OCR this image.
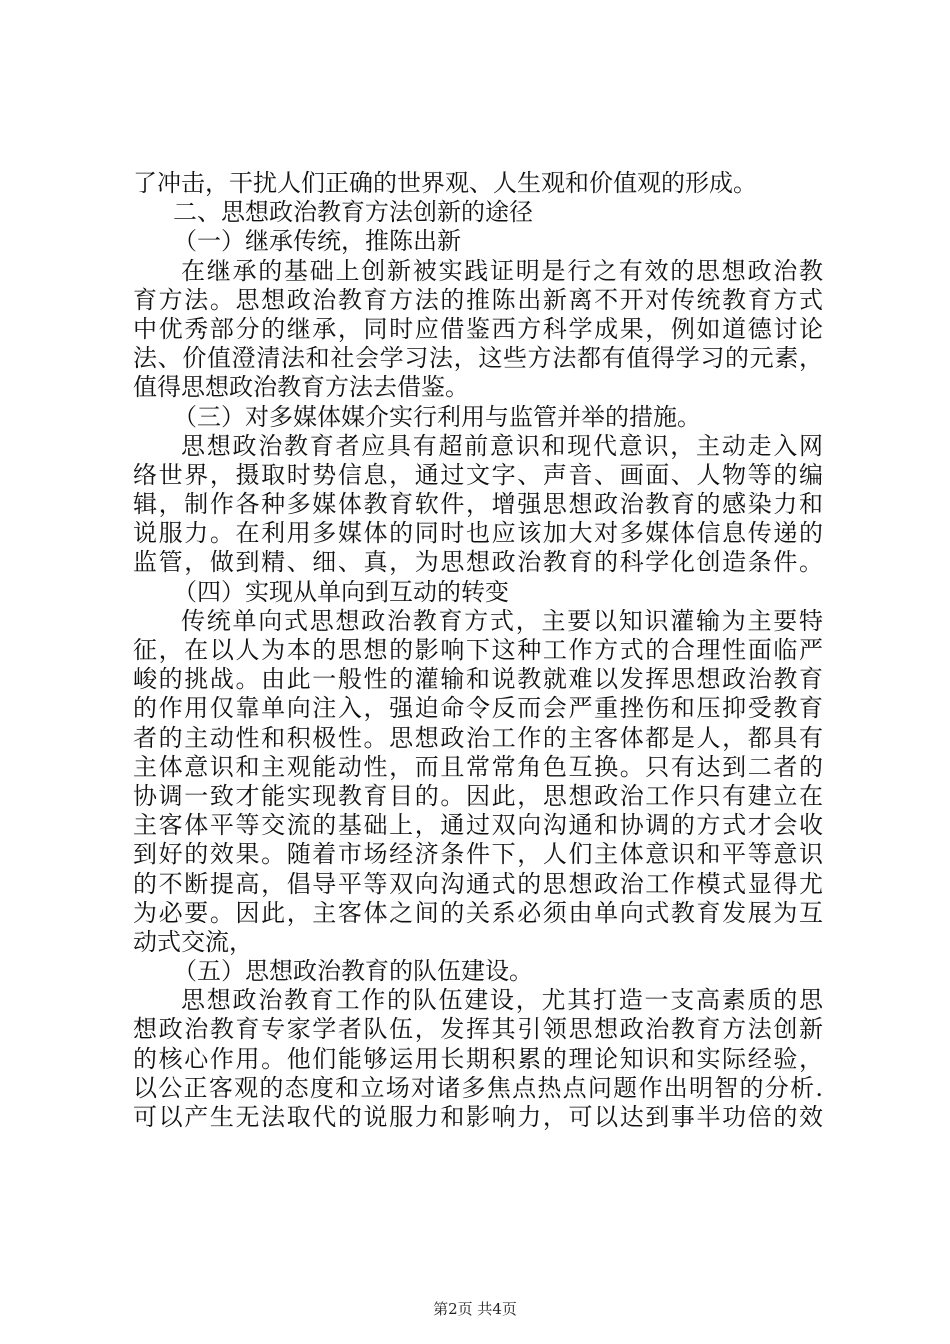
了冲击，干扰人们正确的世界观、人生观和价值观的形成。
二、思想政治教育方法创新的途径
（一）继承传统，推陈出新
在继承的基础上创新被实践证明是行之有效的思想政治教
育方法。思想政治教育方法的推陈出新离不开对传统教育方式
中优秀部分的继承，同时应借鉴西方科学成果，例如道德讨论
法、价值澄清法和社会学习法，这些方法都有值得学习的元素，
值得思想政治教育方法去借鉴。
（三）对多媒体媒介实行利用与监管并举的措施。
思想政治教育者应具有超前意识和现代意识，主动走入网
络世界，摄取时势信息，通过文字、声音、画面、人物等的编
辑，制作各种多媒体教育软件，增强思想政治教育的感染力和
说服力。在利用多媒体的同时也应该加大对多媒体信息传递的
监管，做到精、细、真，为思想政治教育的科学化创造条件。
（四）实现从单向到互动的转变
传统单向式思想政治教育方式，主要以知识灌输为主要特
征，在以人为本的思想的影响下这种工作方式的合理性面临严
峻的挑战。由此一般性的灌输和说教就难以发挥思想政治教育
的作用仅靠单向注入，强迫命令反而会严重挫伤和压抑受教育
者的主动性和积极性。思想政治工作的主客体都是人，都具有
主体意识和主观能动性，而且常常角色互换。只有达到二者的
协调一致才能实现教育目的。因此，思想政治工作只有建立在
主客体平等交流的基础上，通过双向沟通和协调的方式才会收
到好的效果。随着市场经济条件下，人们主体意识和平等意识
的不断提高，倡导平等双向沟通式的思想政治工作模式显得尤
为必要。因此，主客体之间的关系必须由单向式教育发展为互
动式交流，
（五）思想政治教育的队伍建设。
思想政治教育工作的队伍建设，尤其打造一支高素质的思
想政治教育专家学者队伍，发挥其引领思想政治教育方法创新
的核心作用。他们能够运用长期积累的理论知识和实际经验，
以公正客观的态度和立场对诸多焦点热点问题作出明智的分析.
可以产生无法取代的说服力和影响力，可以达到事半功倍的效
第2页 共4页
